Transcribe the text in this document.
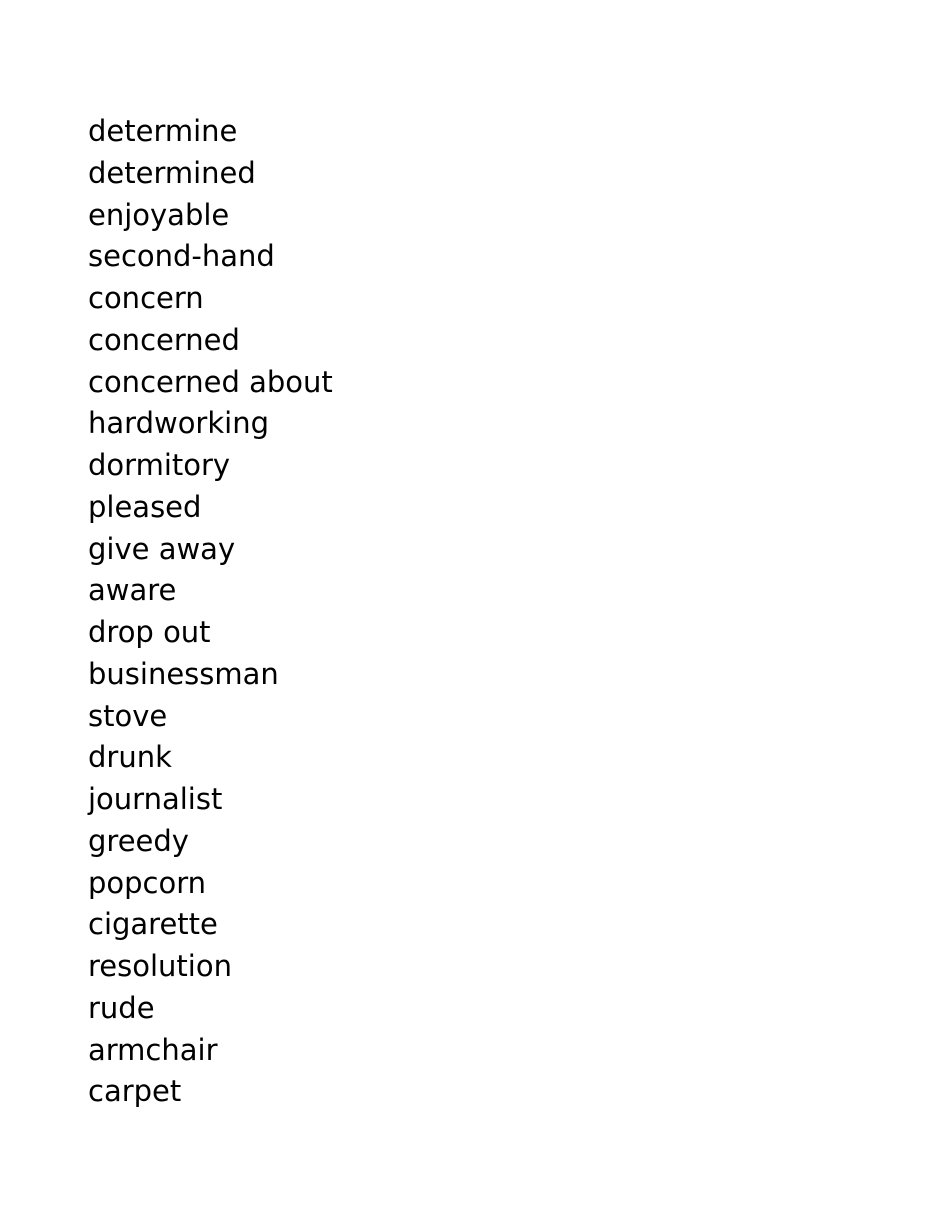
determine
determined
enjoyable
second-hand
concern
concerned
concerned about
hardworking
dormitory
pleased
give away
aware
drop out
businessman
stove
drunk
journalist
greedy
popcorn
cigarette
resolution
rude
armchair
carpet
